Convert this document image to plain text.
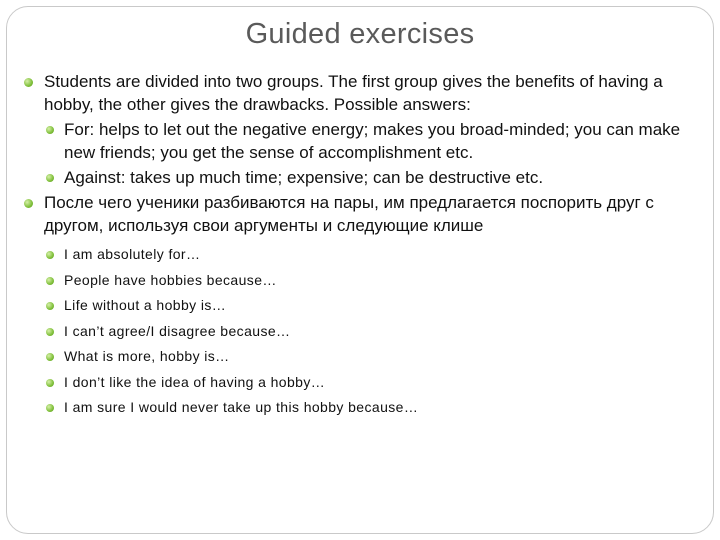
Guided exercises
Students are divided into two groups. The first group gives the benefits of having a hobby, the other gives the drawbacks. Possible answers:
For: helps to let out the negative energy; makes you broad-minded; you can make new friends; you get the sense of accomplishment etc.
Against: takes up much time; expensive; can be destructive etc.
После чего ученики разбиваются на пары, им предлагается поспорить друг с другом, используя свои аргументы и следующие клише
I am absolutely for…
People have hobbies because…
Life without a hobby is…
I can’t agree/I disagree because…
What is more, hobby is…
I don’t like the idea of having a hobby…
I am sure I would never take up this hobby because…
